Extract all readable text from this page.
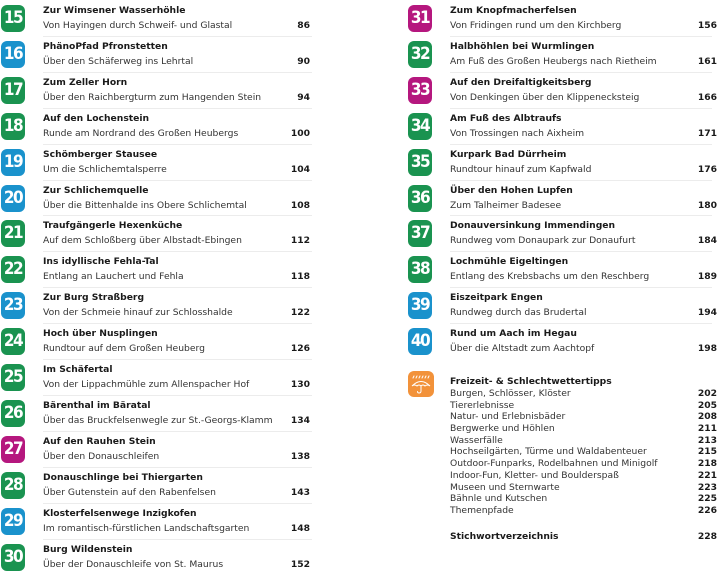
15	Zur Wimsener Wasserhöhle
Von Hayingen durch Schweif- und Glastal	86
16	PhänoPfad Pfronstetten
Über den Schäferweg ins Lehrtal	90
17	Zum Zeller Horn
Über den Raichbergturm zum Hangenden Stein	94
18	Auf den Lochenstein
Runde am Nordrand des Großen Heubergs	100
19	Schömberger Stausee
Um die Schlichemtalsperre	104
20	Zur Schlichemquelle
Über die Bittenhalde ins Obere Schlichemtal	108
21	Traufgängerle Hexenküche
Auf dem Schloßberg über Albstadt-Ebingen	112
22	Ins idyllische Fehla-Tal
Entlang an Lauchert und Fehla	118
23	Zur Burg Straßberg
Von der Schmeie hinauf zur Schlosshalde	122
24	Hoch über Nusplingen
Rundtour auf dem Großen Heuberg	126
25	Im Schäfertal
Von der Lippachmühle zum Allenspacher Hof	130
26	Bärenthal im Bäratal
Über das Bruckfelsenwegle zur St.-Georgs-Klamm 134
27	Auf den Rauhen Stein
Über den Donauschleifen	138
28	Donauschlinge bei Thiergarten
Über Gutenstein auf den Rabenfelsen	143
29	Klosterfelsenwege Inzigkofen
Im romantisch-fürstlichen Landschaftsgarten	148
30	Burg Wildenstein
Über der Donauschleife von St. Maurus	152
Freizeit- & Schlechtwettertipps
Burgen, Schlösser, Klöster	202
Tiererlebnisse	205
Natur- und Erlebnisbäder	208
Bergwerke und Höhlen	211
Wasserfälle	213
Hochseilgärten, Türme und Waldabenteuer	215
Outdoor-Funparks, Rodelbahnen und Minigolf	218
Indoor-Fun, Kletter- und Boulderspaß	221
Museen und Sternwarte	223
Bähnle und Kutschen	225
Themenpfade	226
Stichwortverzeichnis	228
31	Zum Knopfmacherfelsen
Von Fridingen rund um den Kirchberg	156
32	Halbhöhlen bei Wurmlingen
Am Fuß des Großen Heubergs nach Rietheim	161
33	Auf den Dreifaltigkeitsberg
Von Denkingen über den Klippenecksteig	166
34	Am Fuß des Albtraufs
Von Trossingen nach Aixheim	171
35	Kurpark Bad Dürrheim
Rundtour hinauf zum Kapfwald	176
36	Über den Hohen Lupfen
Zum Talheimer Badesee	180
37	Donauversinkung Immendingen
Rundweg vom Donaupark zur Donaufurt	184
38	Lochmühle Eigeltingen
Entlang des Krebsbachs um den Reschberg	189
39	Eiszeitpark Engen
Rundweg durch das Brudertal	194
40	Rund um Aach im Hegau
Über die Altstadt zum Aachtopf	198
